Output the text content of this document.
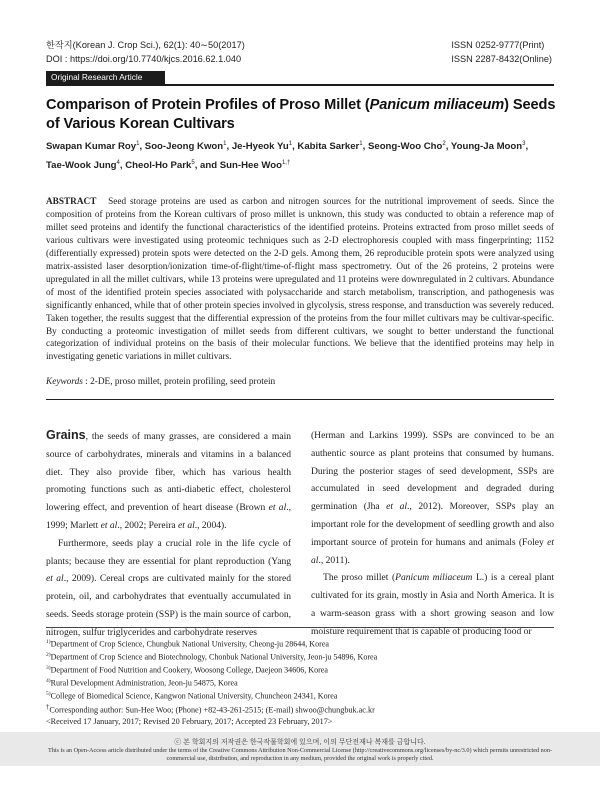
한작지(Korean J. Crop Sci.), 62(1): 40∼50(2017)
DOI : https://doi.org/10.7740/kjcs.2016.62.1.040
ISSN 0252-9777(Print)
ISSN 2287-8432(Online)
Original Research Article
Comparison of Protein Profiles of Proso Millet (Panicum miliaceum) Seeds of Various Korean Cultivars
Swapan Kumar Roy$^1$, Soo-Jeong Kwon$^1$, Je-Hyeok Yu$^1$, Kabita Sarker$^1$, Seong-Woo Cho$^2$, Young-Ja Moon$^3$,
Tae-Wook Jung$^4$, Cheol-Ho Park$^5$, and Sun-Hee Woo$^{1,\dagger}$
ABSTRACT Seed storage proteins are used as carbon and nitrogen sources for the nutritional improvement of seeds. Since the composition of proteins from the Korean cultivars of proso millet is unknown, this study was conducted to obtain a reference map of millet seed proteins and identify the functional characteristics of the identified proteins. Proteins extracted from proso millet seeds of various cultivars were investigated using proteomic techniques such as 2-D electrophoresis coupled with mass fingerprinting; 1152 (differentially expressed) protein spots were detected on the 2-D gels. Among them, 26 reproducible protein spots were analyzed using matrix-assisted laser desorption/ionization time-of-flight/time-of-flight mass spectrometry. Out of the 26 proteins, 2 proteins were upregulated in all the millet cultivars, while 13 proteins were upregulated and 11 proteins were downregulated in 2 cultivars. Abundance of most of the identified protein species associated with polysaccharide and starch metabolism, transcription, and pathogenesis was significantly enhanced, while that of other protein species involved in glycolysis, stress response, and transduction was severely reduced. Taken together, the results suggest that the differential expression of the proteins from the four millet cultivars may be cultivar-specific. By conducting a proteomic investigation of millet seeds from different cultivars, we sought to better understand the functional categorization of individual proteins on the basis of their molecular functions. We believe that the identified proteins may help in investigating genetic variations in millet cultivars.
Keywords : 2-DE, proso millet, protein profiling, seed protein

Grains, the seeds of many grasses, are considered a main source of carbohydrates, minerals and vitamins in a balanced diet. They also provide fiber, which has various health promoting functions such as anti-diabetic effect, cholesterol lowering effect, and prevention of heart disease (Brown et al., 1999; Marlett et al., 2002; Pereira et al., 2004).

Furthermore, seeds play a crucial role in the life cycle of plants; because they are essential for plant reproduction (Yang et al., 2009). Cereal crops are cultivated mainly for the stored protein, oil, and carbohydrates that eventually accumulated in seeds. Seeds storage protein (SSP) is the main source of carbon, nitrogen, sulfur triglycerides and carbohydrate reserves

(Herman and Larkins 1999). SSPs are convinced to be an authentic source as plant proteins that consumed by humans. During the posterior stages of seed development, SSPs are accumulated in seed development and degraded during germination (Jha et al., 2012). Moreover, SSPs play an important role for the development of seedling growth and also important source of protein for humans and animals (Foley et al., 2011).

The proso millet (Panicum miliaceum L.) is a cereal plant cultivated for its grain, mostly in Asia and North America. It is a warm-season grass with a short growing season and low moisture requirement that is capable of producing food or

$^{1)}$Department of Crop Science, Chungbuk National University, Cheong-ju 28644, Korea
$^{2)}$Department of Crop Science and Biotechnology, Chonbuk National University, Jeon-ju 54896, Korea
$^{3)}$Department of Food Nutrition and Cookery, Woosong College, Daejeon 34606, Korea
$^{4)}$Rural Development Administration, Jeon-ju 54875, Korea
$^{5)}$College of Biomedical Science, Kangwon National University, Chuncheon 24341, Korea
†Corresponding author: Sun-Hee Woo; (Phone) +82-43-261-2515; (E-mail) shwoo@chungbuk.ac.kr
<Received 17 January, 2017; Revised 20 February, 2017; Accepted 23 February, 2017>
ⓒ 본 학회지의 저작권은 한국작물학회에 있으며, 이의 무단전재나 복재를 금합니다.
This is an Open-Access article distributed under the terms of the Creative Commons Attribution Non-Commercial License (http://creativecommons.org/licenses/by-nc/3.0) which permits unrestricted non-commercial use, distribution, and reproduction in any medium, provided the original work is properly cited.
